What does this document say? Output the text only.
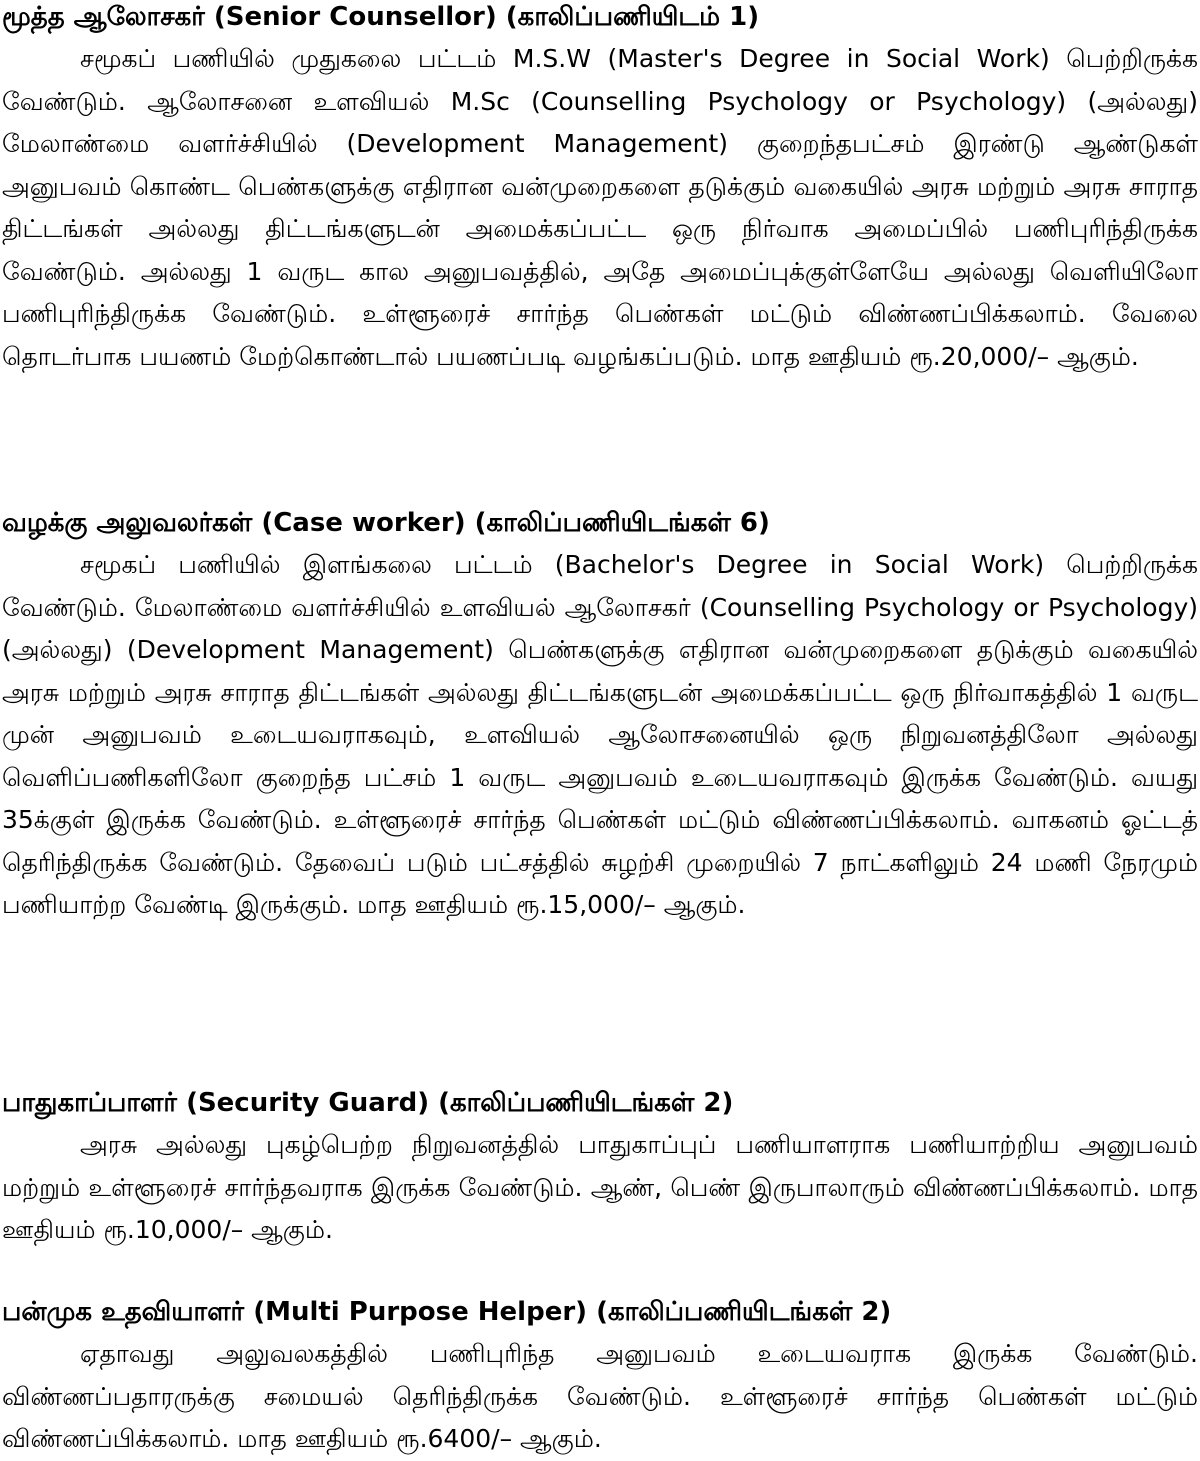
மூத்த ஆலோசகர் (Senior Counsellor) (காலிப்பணியிடம் 1)

சமூகப் பணியில் முதுகலை பட்டம் M.S.W (Master's Degree in Social Work) பெற்றிருக்க வேண்டும். ஆலோசனை உளவியல் M.Sc (Counselling Psychology or Psychology) (அல்லது) மேலாண்மை வளர்ச்சியில் (Development Management) குறைந்தபட்சம் இரண்டு ஆண்டுகள் அனுபவம் கொண்ட பெண்களுக்கு எதிரான வன்முறைகளை தடுக்கும் வகையில் அரசு மற்றும் அரசு சாராத திட்டங்கள் அல்லது திட்டங்களுடன் அமைக்கப்பட்ட ஒரு நிர்வாக அமைப்பில் பணிபுரிந்திருக்க வேண்டும். அல்லது 1 வருட கால அனுபவத்தில், அதே அமைப்புக்குள்ளேயே அல்லது வெளியிலோ பணிபுரிந்திருக்க வேண்டும். உள்ளூரைச் சார்ந்த பெண்கள் மட்டும் விண்ணப்பிக்கலாம். வேலை தொடர்பாக பயணம் மேற்கொண்டால் பயணப்படி வழங்கப்படும். மாத ஊதியம் ரூ.20,000/– ஆகும்.

வழக்கு அலுவலர்கள் (Case worker) (காலிப்பணியிடங்கள் 6)

சமூகப் பணியில் இளங்கலை பட்டம் (Bachelor's Degree in Social Work) பெற்றிருக்க வேண்டும். மேலாண்மை வளர்ச்சியில் உளவியல் ஆலோசகர் (Counselling Psychology or Psychology) (அல்லது) (Development Management) பெண்களுக்கு எதிரான வன்முறைகளை தடுக்கும் வகையில் அரசு மற்றும் அரசு சாராத திட்டங்கள் அல்லது திட்டங்களுடன் அமைக்கப்பட்ட ஒரு நிர்வாகத்தில் 1 வருட முன் அனுபவம் உடையவராகவும், உளவியல் ஆலோசனையில் ஒரு நிறுவனத்திலோ அல்லது வெளிப்பணிகளிலோ குறைந்த பட்சம் 1 வருட அனுபவம் உடையவராகவும் இருக்க வேண்டும். வயது 35க்குள் இருக்க வேண்டும். உள்ளூரைச் சார்ந்த பெண்கள் மட்டும் விண்ணப்பிக்கலாம். வாகனம் ஓட்டத் தெரிந்திருக்க வேண்டும். தேவைப் படும் பட்சத்தில் சுழற்சி முறையில் 7 நாட்களிலும் 24 மணி நேரமும் பணியாற்ற வேண்டி இருக்கும். மாத ஊதியம் ரூ.15,000/– ஆகும்.

பாதுகாப்பாளர் (Security Guard) (காலிப்பணியிடங்கள் 2)

அரசு அல்லது புகழ்பெற்ற நிறுவனத்தில் பாதுகாப்புப் பணியாளராக பணியாற்றிய அனுபவம் மற்றும் உள்ளூரைச் சார்ந்தவராக இருக்க வேண்டும். ஆண், பெண் இருபாலாரும் விண்ணப்பிக்கலாம். மாத ஊதியம் ரூ.10,000/– ஆகும்.

பன்முக உதவியாளர் (Multi Purpose Helper) (காலிப்பணியிடங்கள் 2)

ஏதாவது அலுவலகத்தில் பணிபுரிந்த அனுபவம் உடையவராக இருக்க வேண்டும். விண்ணப்பதாரருக்கு சமையல் தெரிந்திருக்க வேண்டும். உள்ளூரைச் சார்ந்த பெண்கள் மட்டும் விண்ணப்பிக்கலாம். மாத ஊதியம் ரூ.6400/– ஆகும்.
